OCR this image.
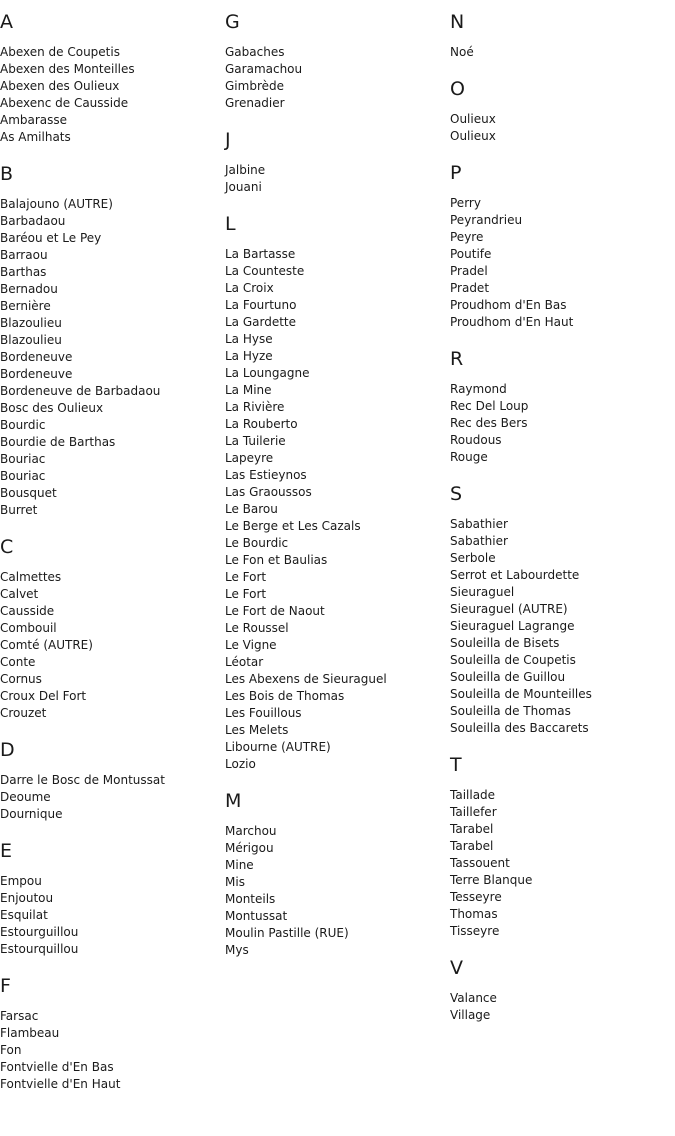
A
Abexen de Coupetis
Abexen des Monteilles
Abexen des Oulieux
Abexenc de Causside
Ambarasse
As Amilhats
B
Balajouno (AUTRE)
Barbadaou
Baréou et Le Pey
Barraou
Barthas
Bernadou
Bernière
Blazoulieu
Blazoulieu
Bordeneuve
Bordeneuve
Bordeneuve de Barbadaou
Bosc des Oulieux
Bourdic
Bourdie de Barthas
Bouriac
Bouriac
Bousquet
Burret
C
Calmettes
Calvet
Causside
Combouil
Comté (AUTRE)
Conte
Cornus
Croux Del Fort
Crouzet
D
Darre le Bosc de Montussat
Deoume
Dournique
E
Empou
Enjoutou
Esquilat
Estourguillou
Estourquillou
F
Farsac
Flambeau
Fon
Fontvielle d'En Bas
Fontvielle d'En Haut
G
Gabaches
Garamachou
Gimbrède
Grenadier
J
Jalbine
Jouani
L
La Bartasse
La Counteste
La Croix
La Fourtuno
La Gardette
La Hyse
La Hyze
La Loungagne
La Mine
La Rivière
La Rouberto
La Tuilerie
Lapeyre
Las Estieynos
Las Graoussos
Le Barou
Le Berge et Les Cazals
Le Bourdic
Le Fon et Baulias
Le Fort
Le Fort
Le Fort de Naout
Le Roussel
Le Vigne
Léotar
Les Abexens de Sieuraguel
Les Bois de Thomas
Les Fouillous
Les Melets
Libourne (AUTRE)
Lozio
M
Marchou
Mérigou
Mine
Mis
Monteils
Montussat
Moulin Pastille (RUE)
Mys
N
Noé
O
Oulieux
Oulieux
P
Perry
Peyrandrieu
Peyre
Poutife
Pradel
Pradet
Proudhom d'En Bas
Proudhom d'En Haut
R
Raymond
Rec Del Loup
Rec des Bers
Roudous
Rouge
S
Sabathier
Sabathier
Serbole
Serrot et Labourdette
Sieuraguel
Sieuraguel (AUTRE)
Sieuraguel Lagrange
Souleilla de Bisets
Souleilla de Coupetis
Souleilla de Guillou
Souleilla de Mounteilles
Souleilla de Thomas
Souleilla des Baccarets
T
Taillade
Taillefer
Tarabel
Tarabel
Tassouent
Terre Blanque
Tesseyre
Thomas
Tisseyre
V
Valance
Village
